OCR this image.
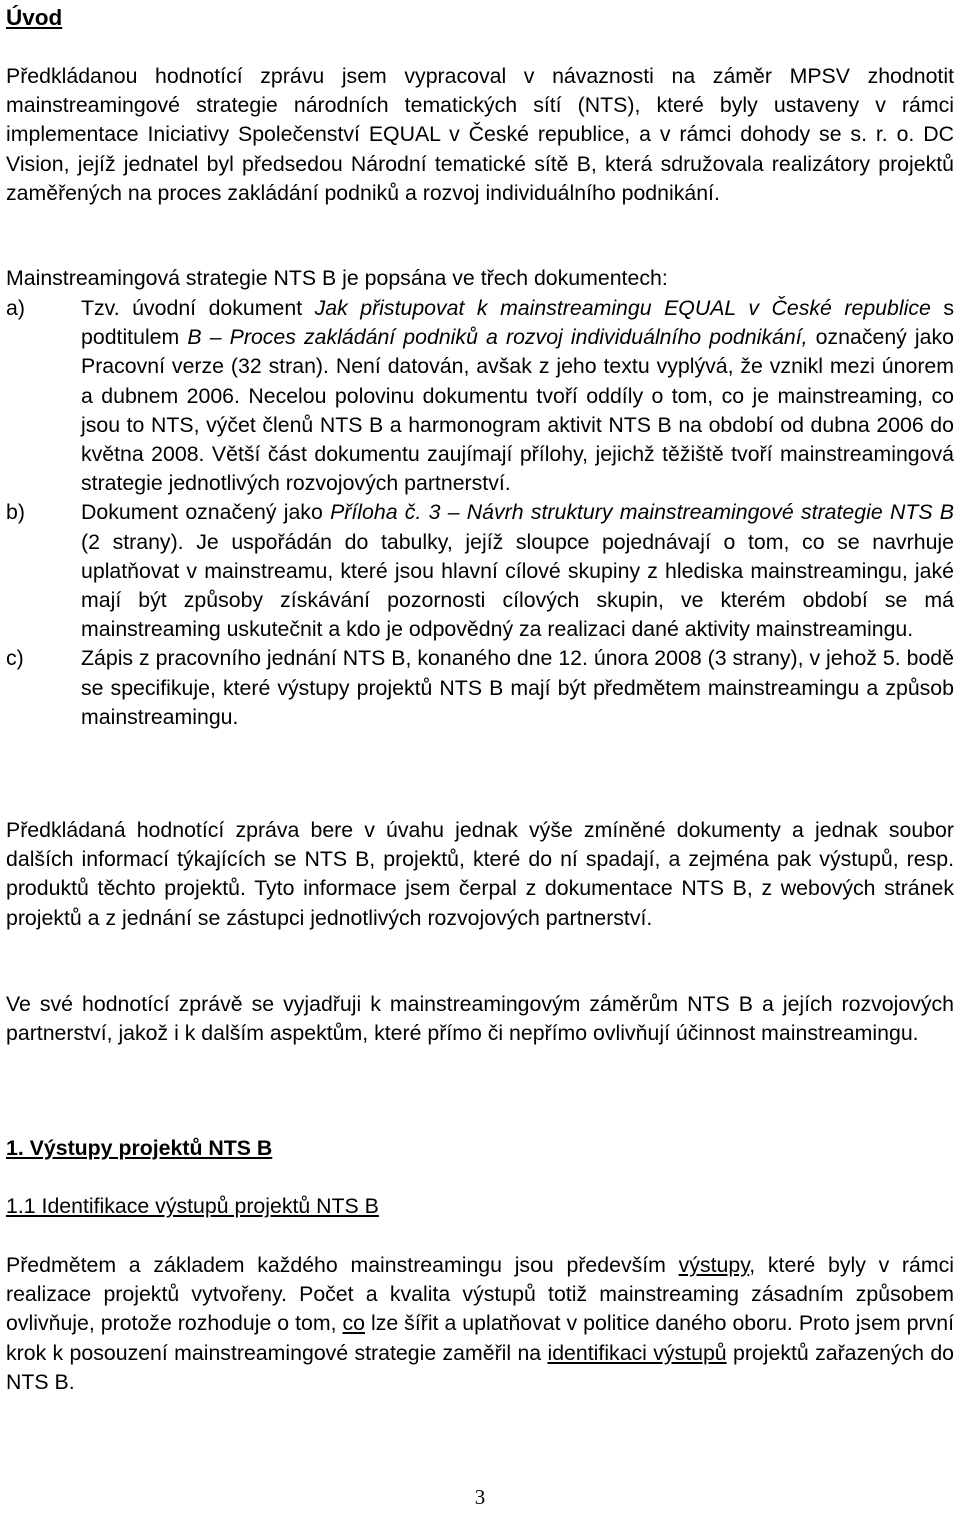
Úvod

Předkládanou hodnotící zprávu jsem vypracoval v návaznosti na záměr MPSV zhodnotit mainstreamingové strategie národních tematických sítí (NTS), které byly ustaveny v rámci implementace Iniciativy Společenství EQUAL v České republice, a v rámci dohody se s. r. o. DC Vision, jejíž jednatel byl předsedou Národní tematické sítě B, která sdružovala realizátory projektů zaměřených na proces zakládání podniků a rozvoj individuálního podnikání.

Mainstreamingová strategie NTS B je popsána ve třech dokumentech:

a)	Tzv. úvodní dokument Jak přistupovat k mainstreamingu EQUAL v České republice s podtitulem B – Proces zakládání podniků a rozvoj individuálního podnikání, označený jako Pracovní verze (32 stran). Není datován, avšak z jeho textu vyplývá, že vznikl mezi únorem a dubnem 2006. Necelou polovinu dokumentu tvoří oddíly o tom, co je mainstreaming, co jsou to NTS, výčet členů NTS B a harmonogram aktivit NTS B na období od dubna 2006 do května 2008. Větší část dokumentu zaujímají přílohy, jejichž těžiště tvoří mainstreamingová strategie jednotlivých rozvojových partnerství.
b)	Dokument označený jako Příloha č. 3 – Návrh struktury mainstreamingové strategie NTS B (2 strany). Je uspořádán do tabulky, jejíž sloupce pojednávají o tom, co se navrhuje uplatňovat v mainstreamu, které jsou hlavní cílové skupiny z hlediska mainstreamingu, jaké mají být způsoby získávání pozornosti cílových skupin, ve kterém období se má mainstreaming uskutečnit a kdo je odpovědný za realizaci dané aktivity mainstreamingu.
c)	Zápis z pracovního jednání NTS B, konaného dne 12. února 2008 (3 strany), v jehož 5. bodě se specifikuje, které výstupy projektů NTS B mají být předmětem mainstreamingu a způsob mainstreamingu.

Předkládaná hodnotící zpráva bere v úvahu jednak výše zmíněné dokumenty a jednak soubor dalších informací týkajících se NTS B, projektů, které do ní spadají, a zejména pak výstupů, resp. produktů těchto projektů. Tyto informace jsem čerpal z dokumentace NTS B, z webových stránek projektů a z jednání se zástupci jednotlivých rozvojových partnerství.

Ve své hodnotící zprávě se vyjadřuji k mainstreamingovým záměrům NTS B a jejích rozvojových partnerství, jakož i k dalším aspektům, které přímo či nepřímo ovlivňují účinnost mainstreamingu.

1. Výstupy projektů NTS B
1.1 Identifikace výstupů projektů NTS B

Předmětem a základem každého mainstreamingu jsou především výstupy, které byly v rámci realizace projektů vytvořeny. Počet a kvalita výstupů totiž mainstreaming zásadním způsobem ovlivňuje, protože rozhoduje o tom, co lze šířit a uplatňovat v politice daného oboru. Proto jsem první krok k posouzení mainstreamingové strategie zaměřil na identifikaci výstupů projektů zařazených do NTS B.

3
